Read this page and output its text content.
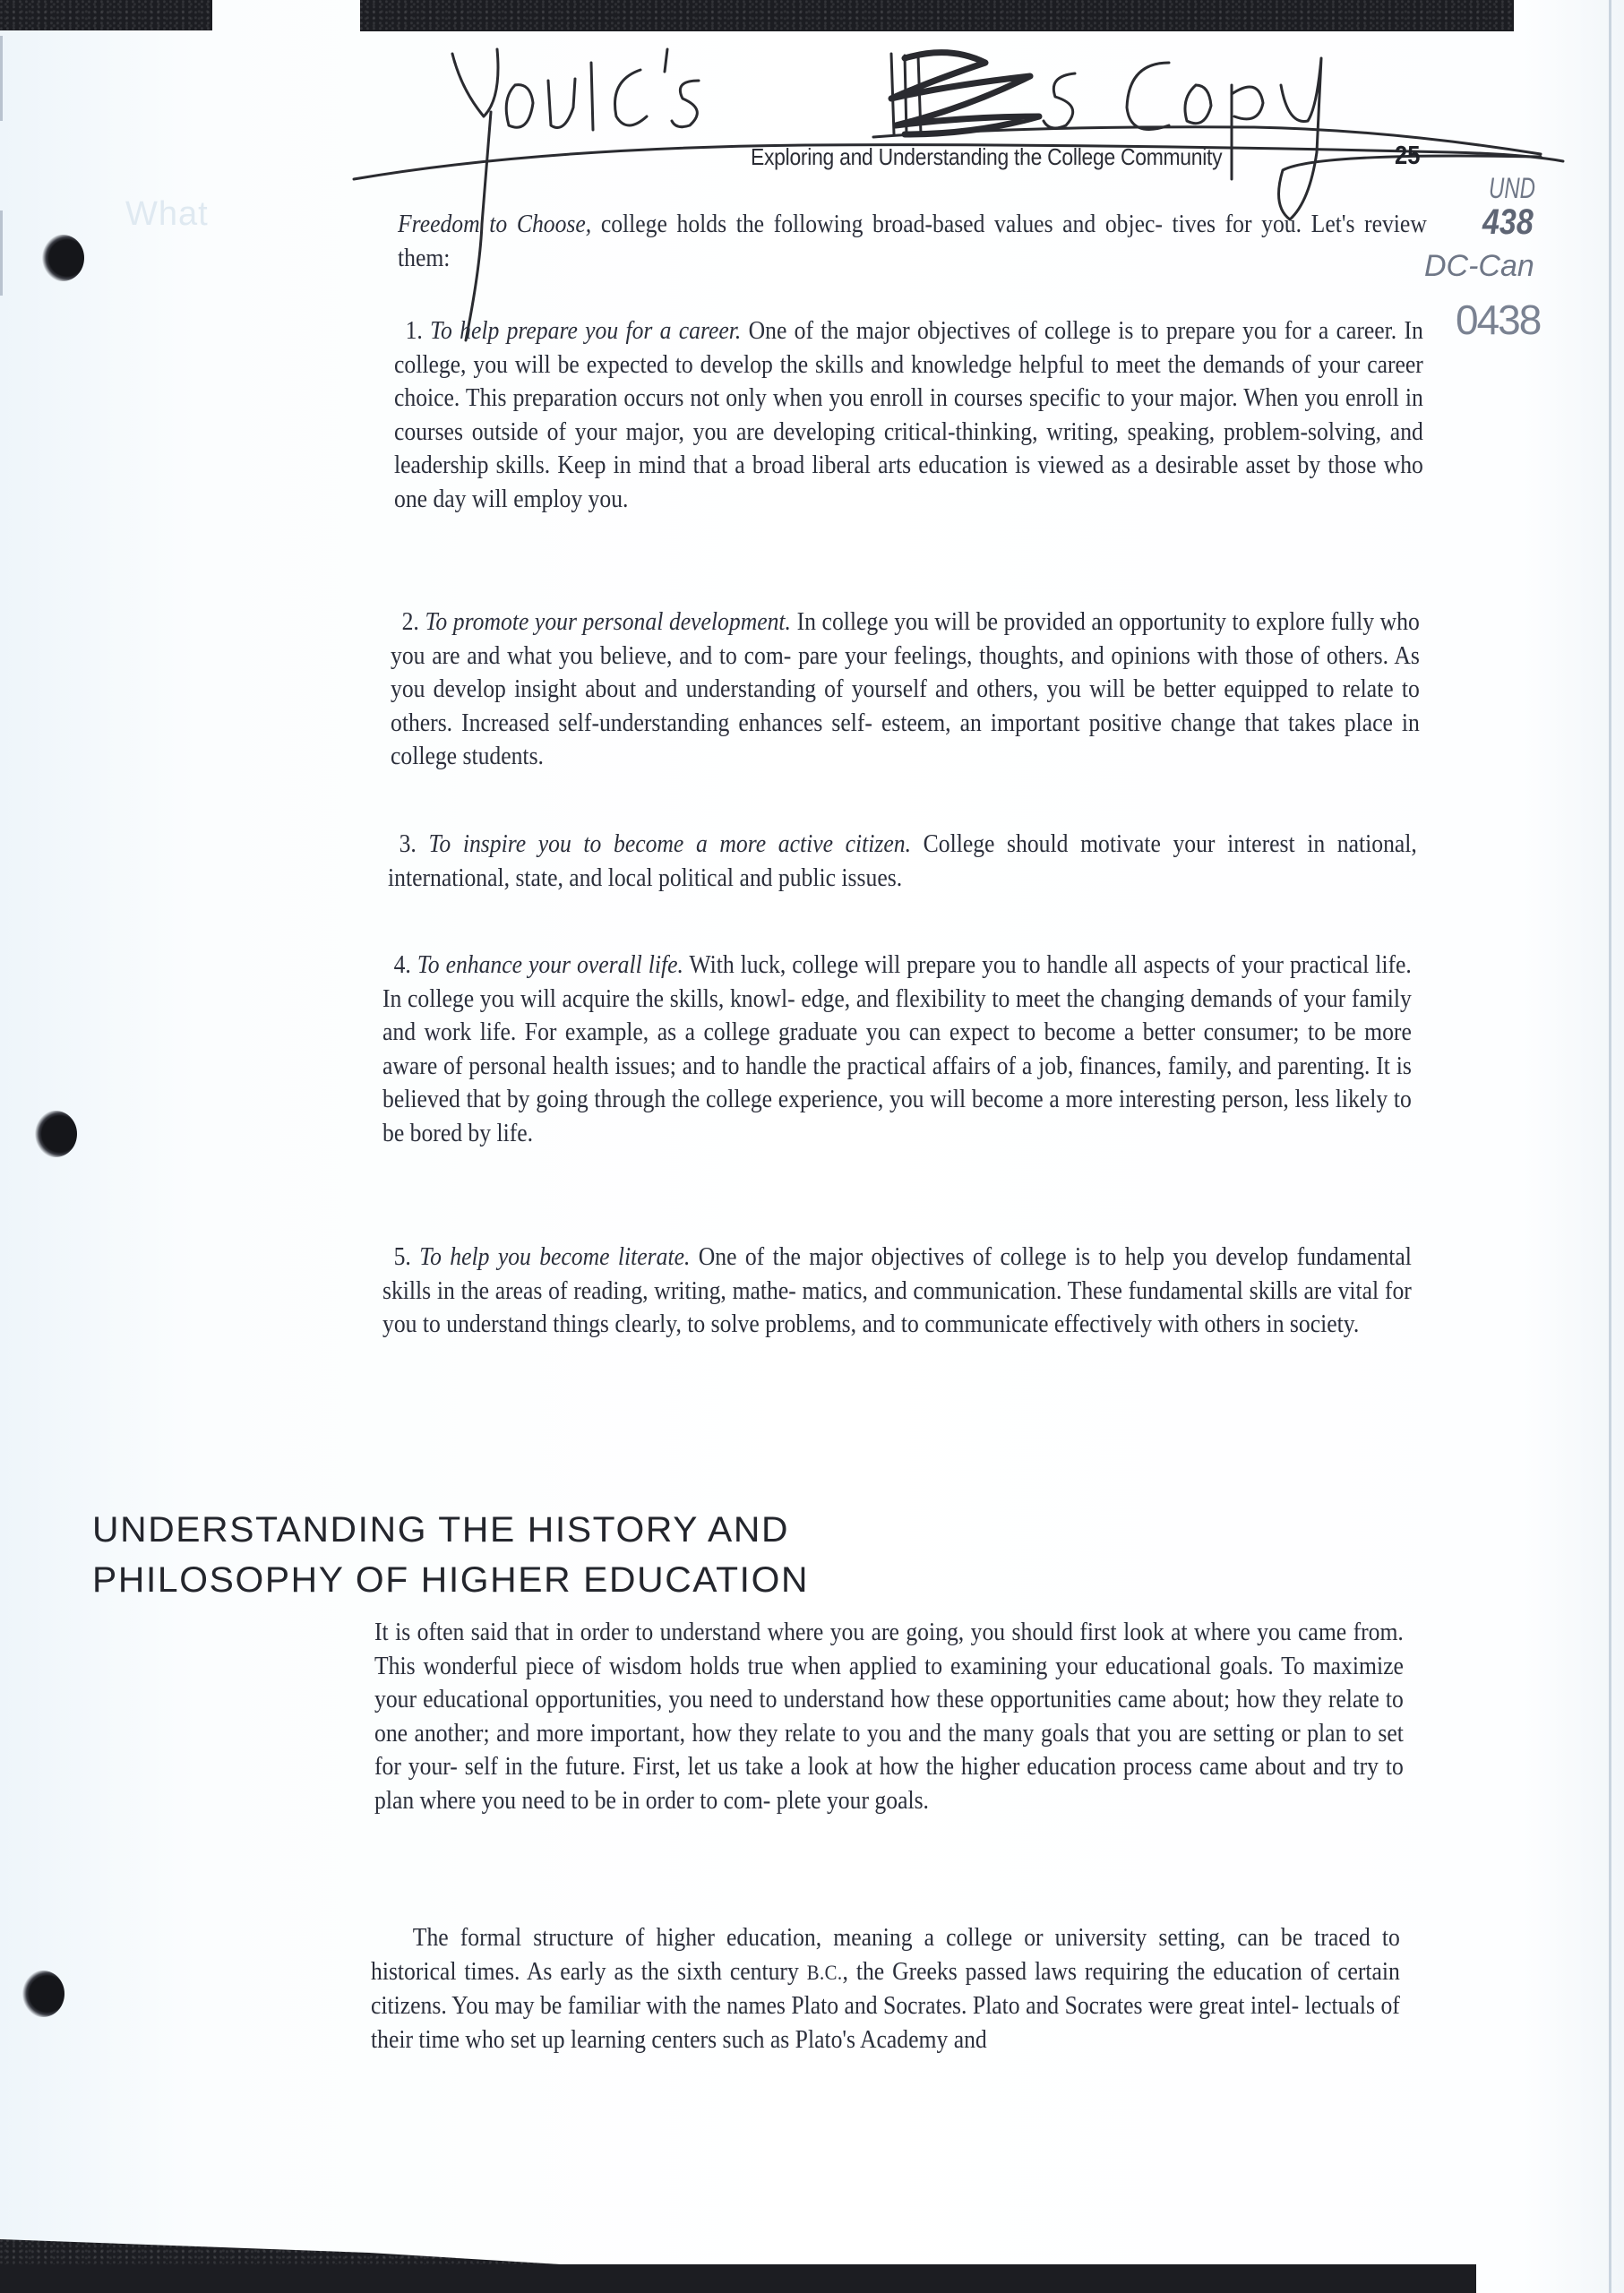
What
Exploring and Understanding the College Community	25
UND
438
DC-Can
0438

Freedom to Choose, college holds the following broad-based values and objec- tives for you. Let's review them:

1. To help prepare you for a career. One of the major objectives of college is to prepare you for a career. In college, you will be expected to develop the skills and knowledge helpful to meet the demands of your career choice. This preparation occurs not only when you enroll in courses specific to your major. When you enroll in courses outside of your major, you are developing critical-thinking, writing, speaking, problem-solving, and leadership skills. Keep in mind that a broad liberal arts education is viewed as a desirable asset by those who one day will employ you.

2. To promote your personal development. In college you will be provided an opportunity to explore fully who you are and what you believe, and to com- pare your feelings, thoughts, and opinions with those of others. As you develop insight about and understanding of yourself and others, you will be better equipped to relate to others. Increased self-understanding enhances self- esteem, an important positive change that takes place in college students.

3. To inspire you to become a more active citizen. College should motivate your interest in national, international, state, and local political and public issues.

4. To enhance your overall life. With luck, college will prepare you to handle all aspects of your practical life. In college you will acquire the skills, knowl- edge, and flexibility to meet the changing demands of your family and work life. For example, as a college graduate you can expect to become a better consumer; to be more aware of personal health issues; and to handle the practical affairs of a job, finances, family, and parenting. It is believed that by going through the college experience, you will become a more interesting person, less likely to be bored by life.

5. To help you become literate. One of the major objectives of college is to help you develop fundamental skills in the areas of reading, writing, mathe- matics, and communication. These fundamental skills are vital for you to understand things clearly, to solve problems, and to communicate effectively with others in society.

UNDERSTANDING THE HISTORY AND
PHILOSOPHY OF HIGHER EDUCATION

It is often said that in order to understand where you are going, you should first look at where you came from. This wonderful piece of wisdom holds true when applied to examining your educational goals. To maximize your educational opportunities, you need to understand how these opportunities came about; how they relate to one another; and more important, how they relate to you and the many goals that you are setting or plan to set for your- self in the future. First, let us take a look at how the higher education process came about and try to plan where you need to be in order to com- plete your goals.

The formal structure of higher education, meaning a college or university setting, can be traced to historical times. As early as the sixth century B.C., the Greeks passed laws requiring the education of certain citizens. You may be familiar with the names Plato and Socrates. Plato and Socrates were great intel- lectuals of their time who set up learning centers such as Plato's Academy and
